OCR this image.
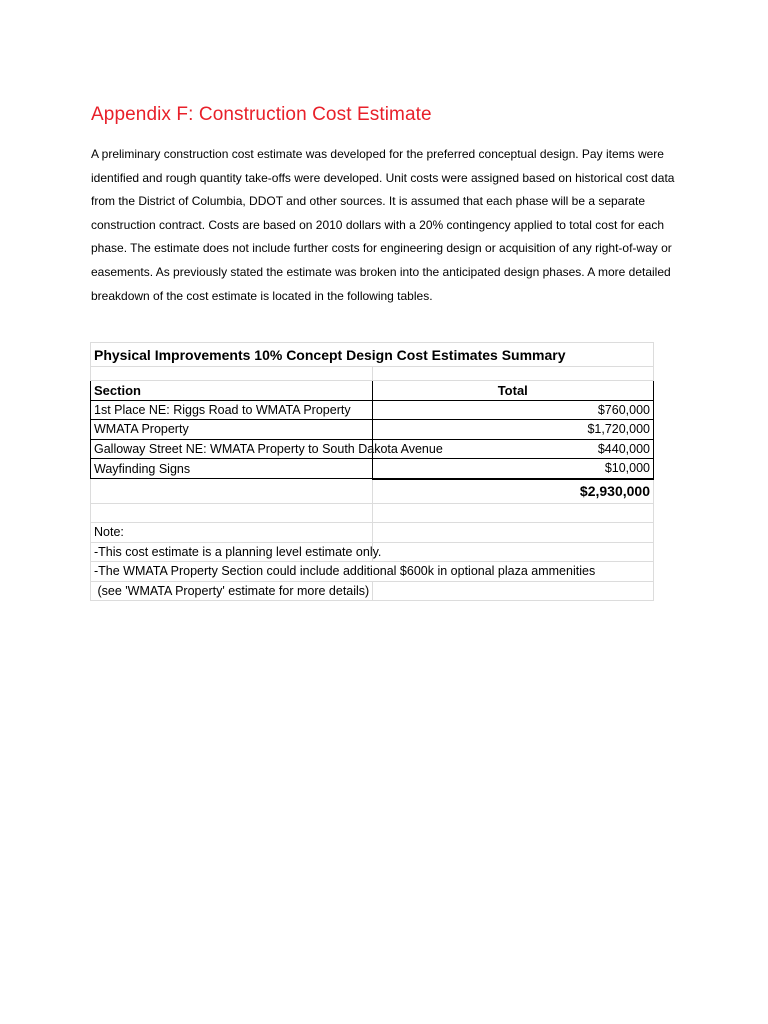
Appendix F: Construction Cost Estimate

A preliminary construction cost estimate was developed for the preferred conceptual design. Pay items were identified and rough quantity take-offs were developed. Unit costs were assigned based on historical cost data from the District of Columbia, DDOT and other sources. It is assumed that each phase will be a separate construction contract. Costs are based on 2010 dollars with a 20% contingency applied to total cost for each phase. The estimate does not include further costs for engineering design or acquisition of any right-of-way or easements. As previously stated the estimate was broken into the anticipated design phases. A more detailed breakdown of the cost estimate is located in the following tables.

Physical Improvements 10% Concept Design Cost Estimates Summary	

Section	Total
1st Place NE: Riggs Road to WMATA Property	$760,000
WMATA Property	$1,720,000
Galloway Street NE: WMATA Property to South Dakota Avenue	$440,000
Wayfinding Signs	$10,000
	$2,930,000

Note:	
-This cost estimate is a planning level estimate only.	
-The WMATA Property Section could include additional $600k in optional plaza ammenities	
(see 'WMATA Property' estimate for more details)	
